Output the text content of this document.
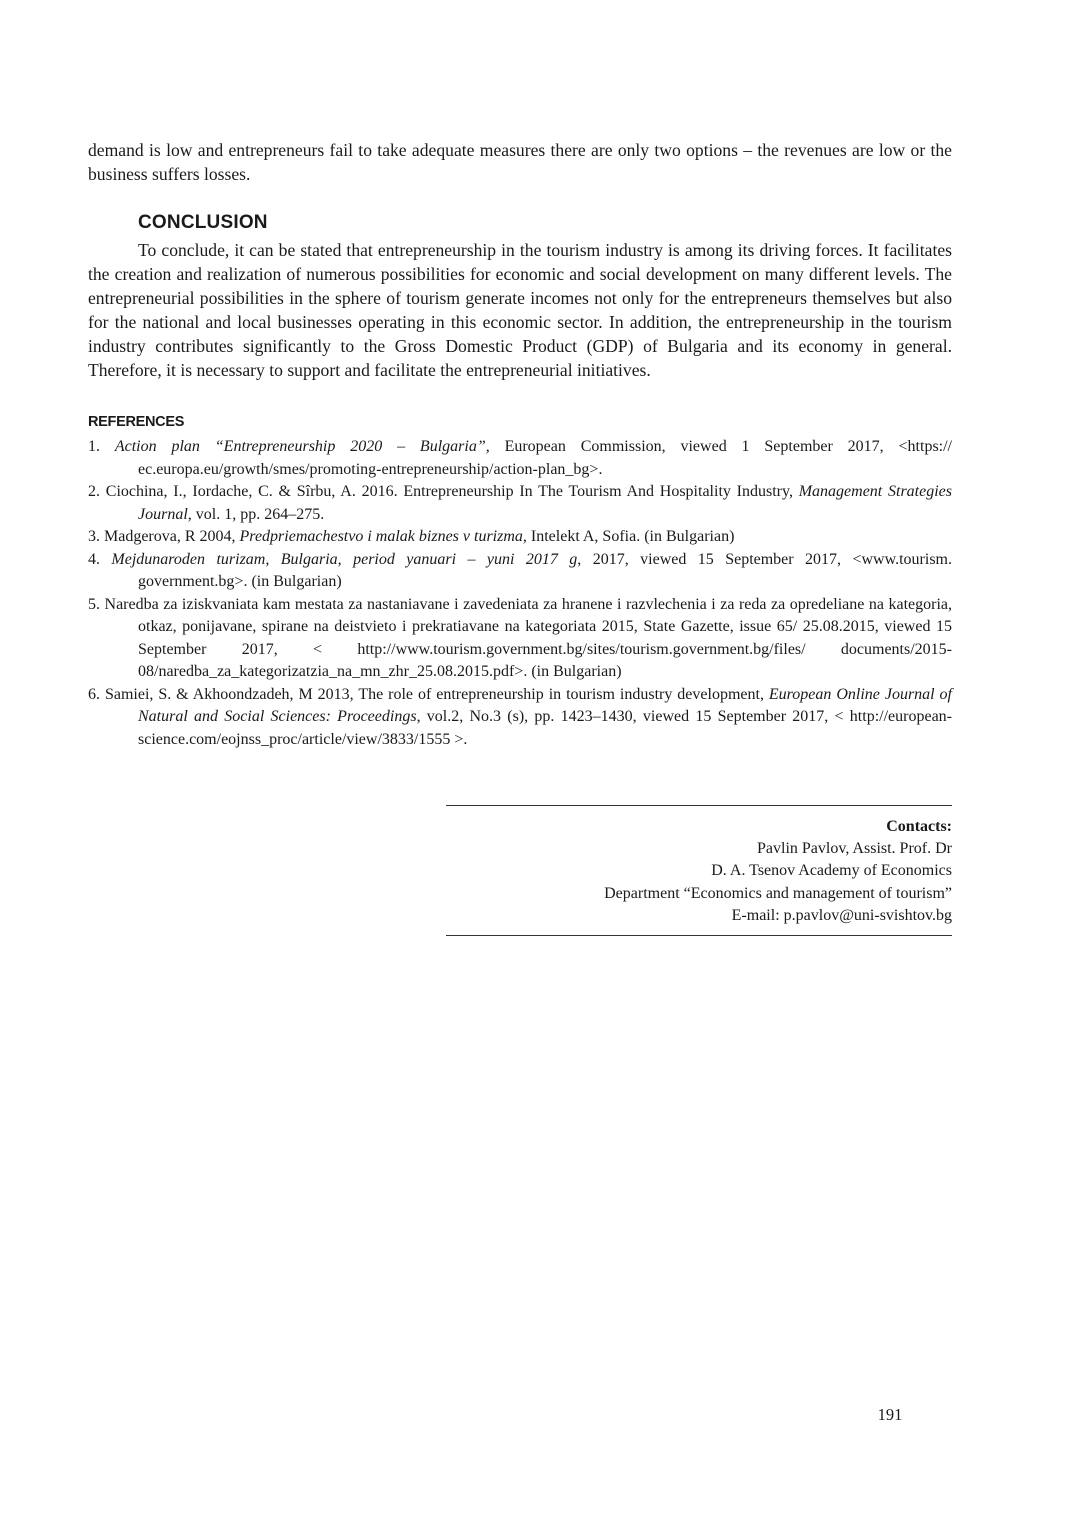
demand is low and entrepreneurs fail to take adequate measures there are only two options – the revenues are low or the business suffers losses.

CONCLUSION

To conclude, it can be stated that entrepreneurship in the tourism industry is among its driving forces. It facilitates the creation and realization of numerous possibilities for economic and social development on many different levels. The entrepreneurial possibilities in the sphere of tourism generate incomes not only for the entrepreneurs themselves but also for the national and local businesses operating in this economic sector. In addition, the entrepreneurship in the tourism industry contributes significantly to the Gross Domestic Product (GDP) of Bulgaria and its economy in general. Therefore, it is necessary to support and facilitate the entrepreneurial initiatives.

REFERENCES
1. Action plan “Entrepreneurship 2020 – Bulgaria”, European Commission, viewed 1 September 2017, <https:// ec.europa.eu/growth/smes/promoting-entrepreneurship/action-plan_bg>.
2. Ciochina, I., Iordache, C. & Sîrbu, A. 2016. Entrepreneurship In The Tourism And Hospitality Industry, Management Strategies Journal, vol. 1, pp. 264–275.
3. Madgerova, R 2004, Predpriemachestvo i malak biznes v turizma, Intelekt A, Sofia. (in Bulgarian)
4. Mejdunaroden turizam, Bulgaria, period yanuari – yuni 2017 g, 2017, viewed 15 September 2017, <www.tourism. government.bg>. (in Bulgarian)
5. Naredba za iziskvaniata kam mestata za nastaniavane i zavedeniata za hranene i razvlechenia i za reda za opredeliane na kategoria, otkaz, ponijavane, spirane na deistvieto i prekratiavane na kategoriata 2015, State Gazette, issue 65/ 25.08.2015, viewed 15 September 2017, < http://www.tourism.government.bg/sites/tourism.government.bg/files/ documents/2015-08/naredba_za_kategorizatzia_na_mn_zhr_25.08.2015.pdf>. (in Bulgarian)
6. Samiei, S. & Akhoondzadeh, M 2013, The role of entrepreneurship in tourism industry development, European Online Journal of Natural and Social Sciences: Proceedings, vol.2, No.3 (s), pp. 1423–1430, viewed 15 September 2017, < http://european-science.com/eojnss_proc/article/view/3833/1555 >.
Contacts:
Pavlin Pavlov, Assist. Prof. Dr
D. A. Tsenov Academy of Economics
Department “Economics and management of tourism”
E-mail: p.pavlov@uni-svishtov.bg
191
